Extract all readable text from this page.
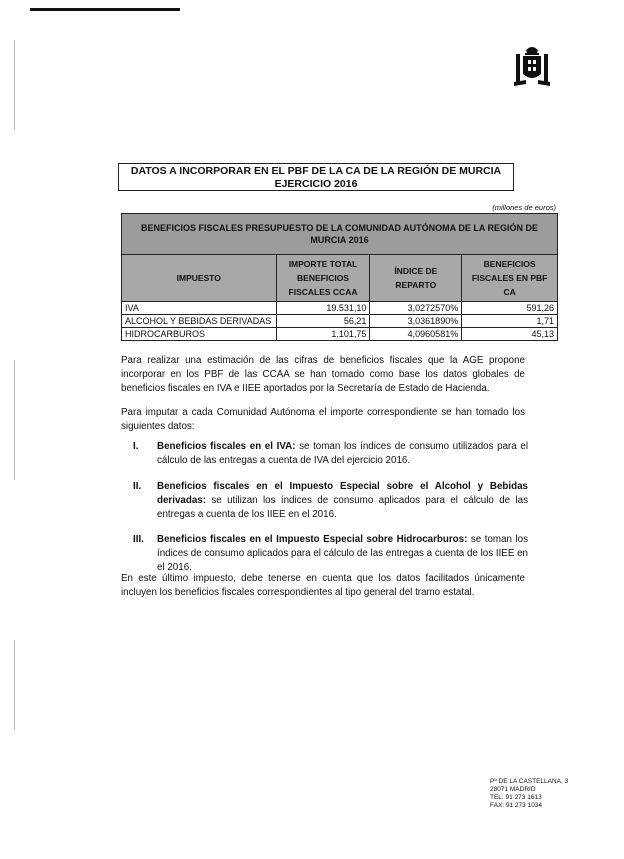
DATOS A INCORPORAR EN EL PBF DE LA CA DE LA REGIÓN DE MURCIA
EJERCICIO 2016
(millones de euros)
BENEFICIOS FISCALES PRESUPUESTO DE LA COMUNIDAD AUTÓNOMA DE LA REGIÓN DE MURCIA 2016			
IMPUESTO	IMPORTE TOTAL BENEFICIOS FISCALES CCAA	ÍNDICE DE REPARTO	BENEFICIOS FISCALES EN PBF CA
IVA	19.531,10	3,0272570%	591,26
ALCOHOL Y BEBIDAS DERIVADAS	56,21	3,0361890%	1,71
HIDROCARBUROS	1.101,75	4,0960581%	45,13
Para realizar una estimación de las cifras de beneficios fiscales que la AGE propone incorporar en los PBF de las CCAA se han tomado como base los datos globales de beneficios fiscales en IVA e IIEE aportados por la Secretaría de Estado de Hacienda.
Para imputar a cada Comunidad Autónoma el importe correspondiente se han tomado los siguientes datos:
I. Beneficios fiscales en el IVA: se toman los índices de consumo utilizados para el cálculo de las entregas a cuenta de IVA del ejercicio 2016.
II. Beneficios fiscales en el Impuesto Especial sobre el Alcohol y Bebidas derivadas: se utilizan los índices de consumo aplicados para el cálculo de las entregas a cuenta de los IIEE en el 2016.
III. Beneficios fiscales en el Impuesto Especial sobre Hidrocarburos: se toman los índices de consumo aplicados para el cálculo de las entregas a cuenta de los IIEE en el 2016.
En este último impuesto, debe tenerse en cuenta que los datos facilitados únicamente incluyen los beneficios fiscales correspondientes al tipo general del tramo estatal.
Pº DE LA CASTELLANA, 3
28071 MADRID
TEL: 91 273 1613
FAX: 91 273 1034
